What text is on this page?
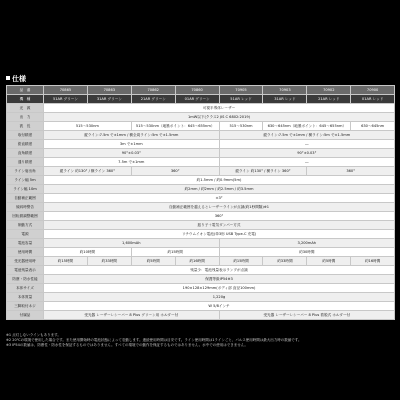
仕様
品　番	70865	70863	70862	70860	70905	70903	70902	70900
機　種	51AR グリーン	31AR グリーン	21AR グリーン	01AR グリーン	51AR レッド	31AR レッド	21AR レッド	01AR レッド
光　源	可視半導体レーザー							
出　力	1mW以下(クラス2 JIS C 6802:2019)							
波　長	515～530nm		515～530nm（地墨ポイント：645～655nm）		515～530nm	630～645nm（地墨ポイント：645～655nm）		630～645nm
取付精度	縦ライン:7.5m で±1mm / 横全周ライン:5m で±1.5mm				縦ライン:7.5m で±1mm / 横ライン:5m で±1.5mm			
鉛直精度	3m で±1mm				―			
直角精度	90°±0.03°				90°±0.03°			
通り精度	7.5m で±1mm				―			
ライン射出角	縦ライン 約130° / 横ライン 360°		360°		縦ライン 約130° / 横ライン 360°		360°	
ライン幅 5m	約1.5mm / 約0.9mm(5m)							
ライン幅 10m	約2mm / 約2mm / 約2.5mm / 約3.5mm							
自動補正範囲	±3°							
傾斜時警告	自動補正範囲を越えるとレーザーラインが点滅(約1秒間隔)※1							
回転微調整範囲	360°							
制動方式	振り子＋電気ダンパー方式							
電源	リチウムイオン電池(単3形 USB Type-C 充電)							
電池容量	1,600mAh				3,200mAh			
使用時間	約10時間		約15時間		約30時間			
受光器使用時	約15時間	約33時間	約5時間	約16時間	約15時間	約33時間	約5時間	約16時間
電池残量表示	残量少：電池残量表示ランプが点滅							
防塵・防水性能	保護等級IP54※3							
本体サイズ	190×128×129mm(ボディ部 直径100mm)							
本体質量	1,220g							
三脚取付ネジ	W 5/8インチ							
付属品	受光器 レーザーレシーバー 8 Plus グリーン用 ホルダー付				受光器 レーザーレシーバー 8 Plus 着脱式 ホルダー付			
※1 点灯しないラインもあります。
※2 20℃の環境で使用した場合です。また使用開始時の電池状態によって変動します。連続使用時間は目安です。ライン使用時間は1ラインごと、パルス使用時間は最大出力時の数値です。
※3 IP54の数値は、防塵性・防水性を保証するものではありません。すべての環境での動作を保証するものではありません。水中での使用はできません。
